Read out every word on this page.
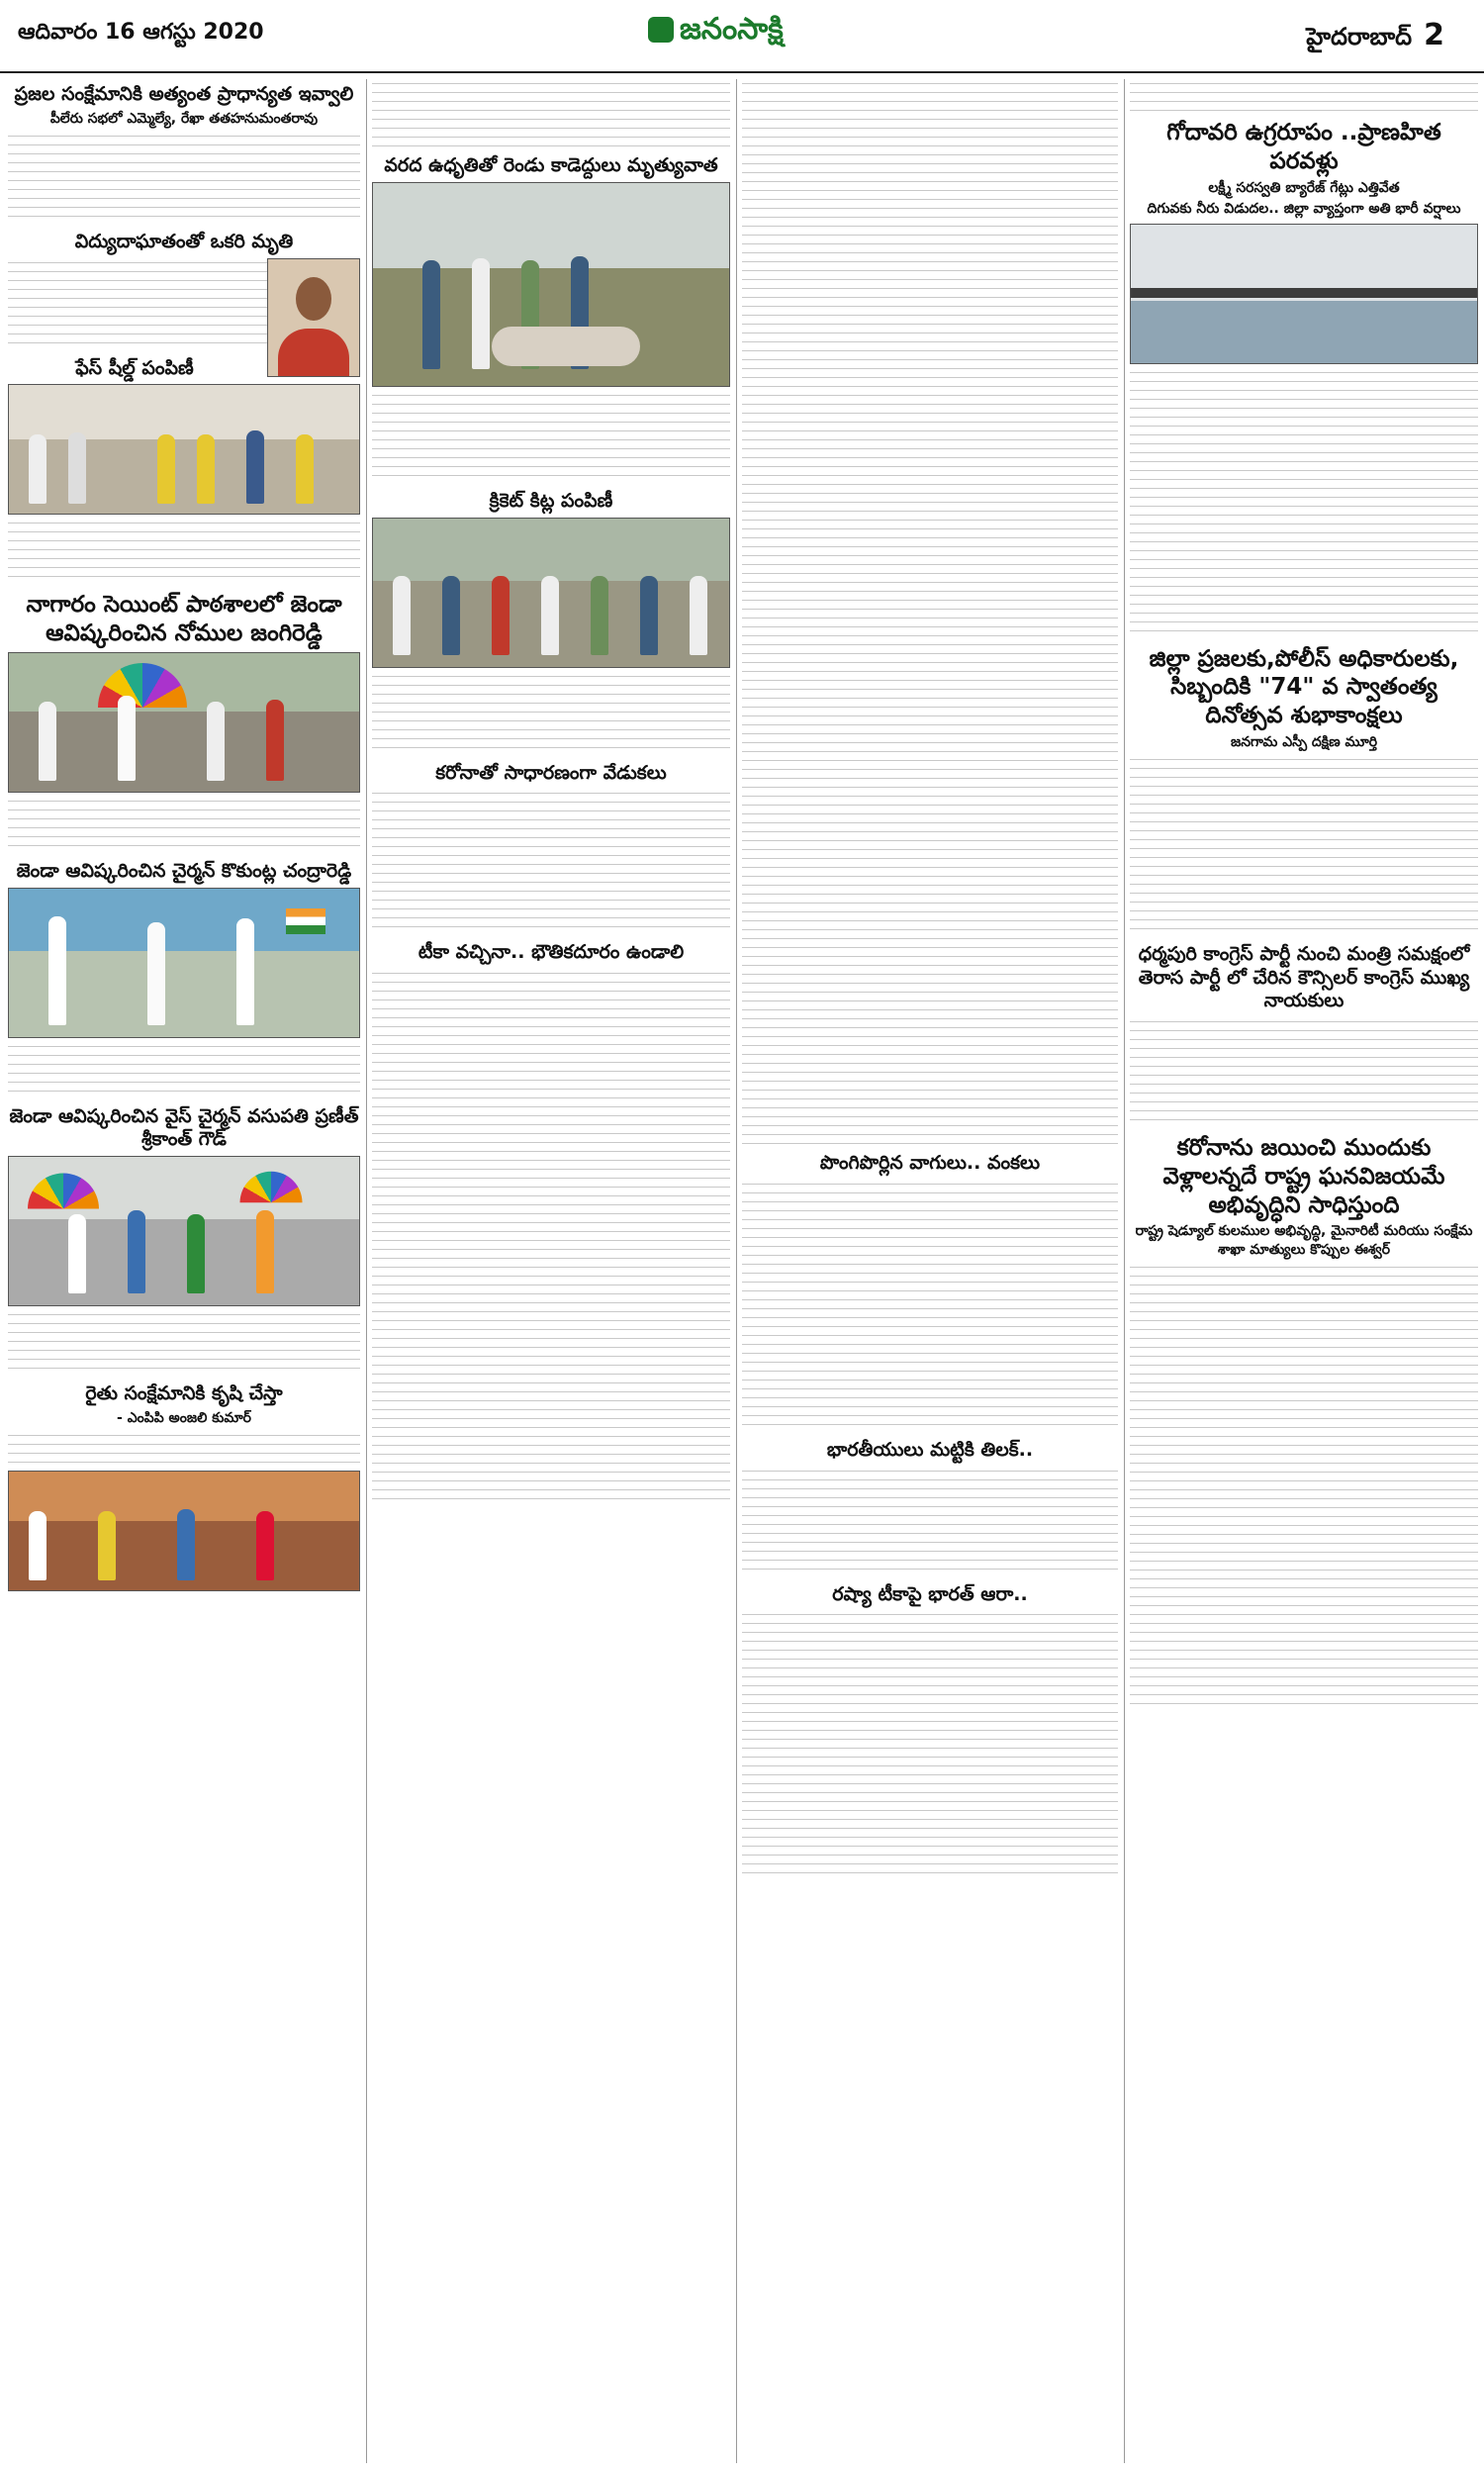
ఆదివారం 16 ఆగస్టు 2020	జనంసాక్షి	హైదరాబాద్ 2
ప్రజల సంక్షేమానికి అత్యంత ప్రాధాన్యత ఇవ్వాలి
పీలేరు సభలో ఎమ్మెల్యే, రేఖా తతహనుమంతరావు
విద్యుదాఘాతంతో ఒకరి మృతి
ఫేస్ షీల్డ్ పంపిణీ
నాగారం సెయింట్ పాఠశాలలో జెండా ఆవిష్కరించిన నోముల జంగిరెడ్డి
జెండా ఆవిష్కరించిన చైర్మన్ కొకుంట్ల చంద్రారెడ్డి
జెండా ఆవిష్కరించిన వైస్ చైర్మన్ వసుపతి ప్రణీత్ శ్రీకాంత్ గౌడ్
రైతు సంక్షేమానికి కృషి చేస్తా
- ఎంపిపి అంజలి కుమార్
వరద ఉధృతితో రెండు కాడెద్దులు మృత్యువాత
క్రికెట్ కిట్ల పంపిణీ
కరోనాతో సాధారణంగా వేడుకలు
టీకా వచ్చినా.. భౌతికదూరం ఉండాలి
పొంగిపొర్లిన వాగులు.. వంకలు
భారతీయులు మట్టికి తిలక్..
రష్యా టీకాపై భారత్ ఆరా..
గోదావరి ఉగ్రరూపం ..ప్రాణహిత పరవళ్లు
లక్ష్మీ సరస్వతి బ్యారేజ్ గేట్లు ఎత్తివేత
దిగువకు నీరు విడుదల.. జిల్లా వ్యాప్తంగా అతి భారీ వర్షాలు
జిల్లా ప్రజలకు,పోలీస్ అధికారులకు, సిబ్బందికి "74" వ స్వాతంత్య దినోత్సవ శుభాకాంక్షలు
జనగామ ఎస్పీ దక్షిణ మూర్తి
ధర్మపురి కాంగ్రెస్ పార్టీ నుంచి మంత్రి సమక్షంలో తెరాస పార్టీ లో చేరిన కౌన్సిలర్ కాంగ్రెస్ ముఖ్య నాయకులు
కరోనాను జయించి ముందుకు వెళ్లాలన్నదే రాష్ట్ర ఘనవిజయమే అభివృద్ధిని సాధిస్తుంది
రాష్ట్ర షెడ్యూల్ కులముల అభివృద్ధి, మైనారిటీ మరియు సంక్షేమ శాఖా మాత్యులు కొప్పుల ఈశ్వర్
